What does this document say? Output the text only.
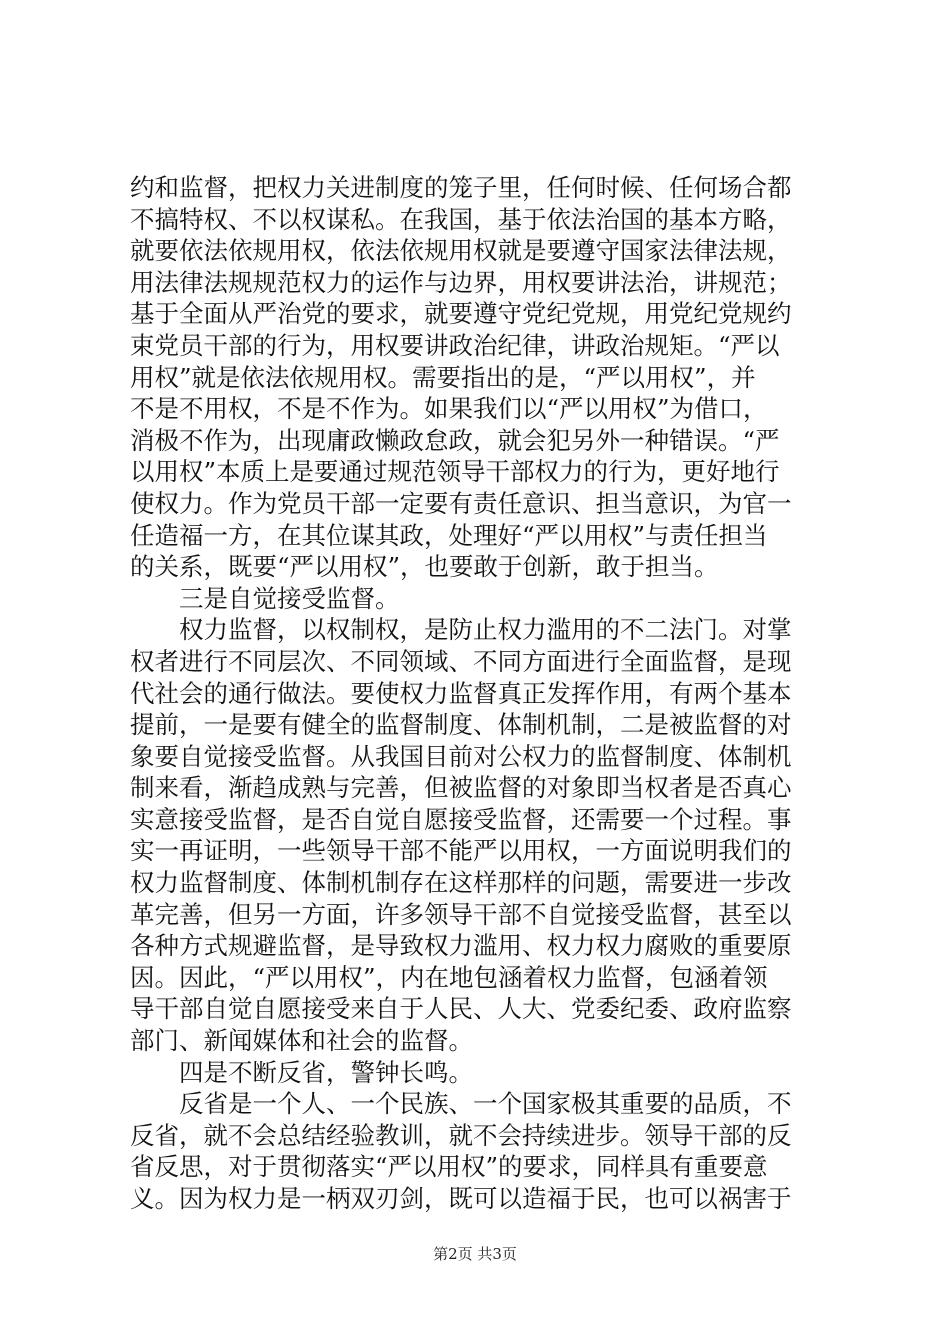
约和监督，把权力关进制度的笼子里，任何时候、任何场合都
不搞特权、不以权谋私。在我国，基于依法治国的基本方略，
就要依法依规用权，依法依规用权就是要遵守国家法律法规，
用法律法规规范权力的运作与边界，用权要讲法治，讲规范；
基于全面从严治党的要求，就要遵守党纪党规，用党纪党规约
束党员干部的行为，用权要讲政治纪律，讲政治规矩。“严以
用权”就是依法依规用权。需要指出的是，“严以用权”，并
不是不用权，不是不作为。如果我们以“严以用权”为借口，
消极不作为，出现庸政懒政怠政，就会犯另外一种错误。“严
以用权”本质上是要通过规范领导干部权力的行为，更好地行
使权力。作为党员干部一定要有责任意识、担当意识，为官一
任造福一方，在其位谋其政，处理好“严以用权”与责任担当
的关系，既要“严以用权”，也要敢于创新，敢于担当。
　　三是自觉接受监督。
　　权力监督，以权制权，是防止权力滥用的不二法门。对掌
权者进行不同层次、不同领域、不同方面进行全面监督，是现
代社会的通行做法。要使权力监督真正发挥作用，有两个基本
提前，一是要有健全的监督制度、体制机制，二是被监督的对
象要自觉接受监督。从我国目前对公权力的监督制度、体制机
制来看，渐趋成熟与完善，但被监督的对象即当权者是否真心
实意接受监督，是否自觉自愿接受监督，还需要一个过程。事
实一再证明，一些领导干部不能严以用权，一方面说明我们的
权力监督制度、体制机制存在这样那样的问题，需要进一步改
革完善，但另一方面，许多领导干部不自觉接受监督，甚至以
各种方式规避监督，是导致权力滥用、权力权力腐败的重要原
因。因此，“严以用权”，内在地包涵着权力监督，包涵着领
导干部自觉自愿接受来自于人民、人大、党委纪委、政府监察
部门、新闻媒体和社会的监督。
　　四是不断反省，警钟长鸣。
　　反省是一个人、一个民族、一个国家极其重要的品质，不
反省，就不会总结经验教训，就不会持续进步。领导干部的反
省反思，对于贯彻落实“严以用权”的要求，同样具有重要意
义。因为权力是一柄双刃剑，既可以造福于民，也可以祸害于
第2页 共3页
